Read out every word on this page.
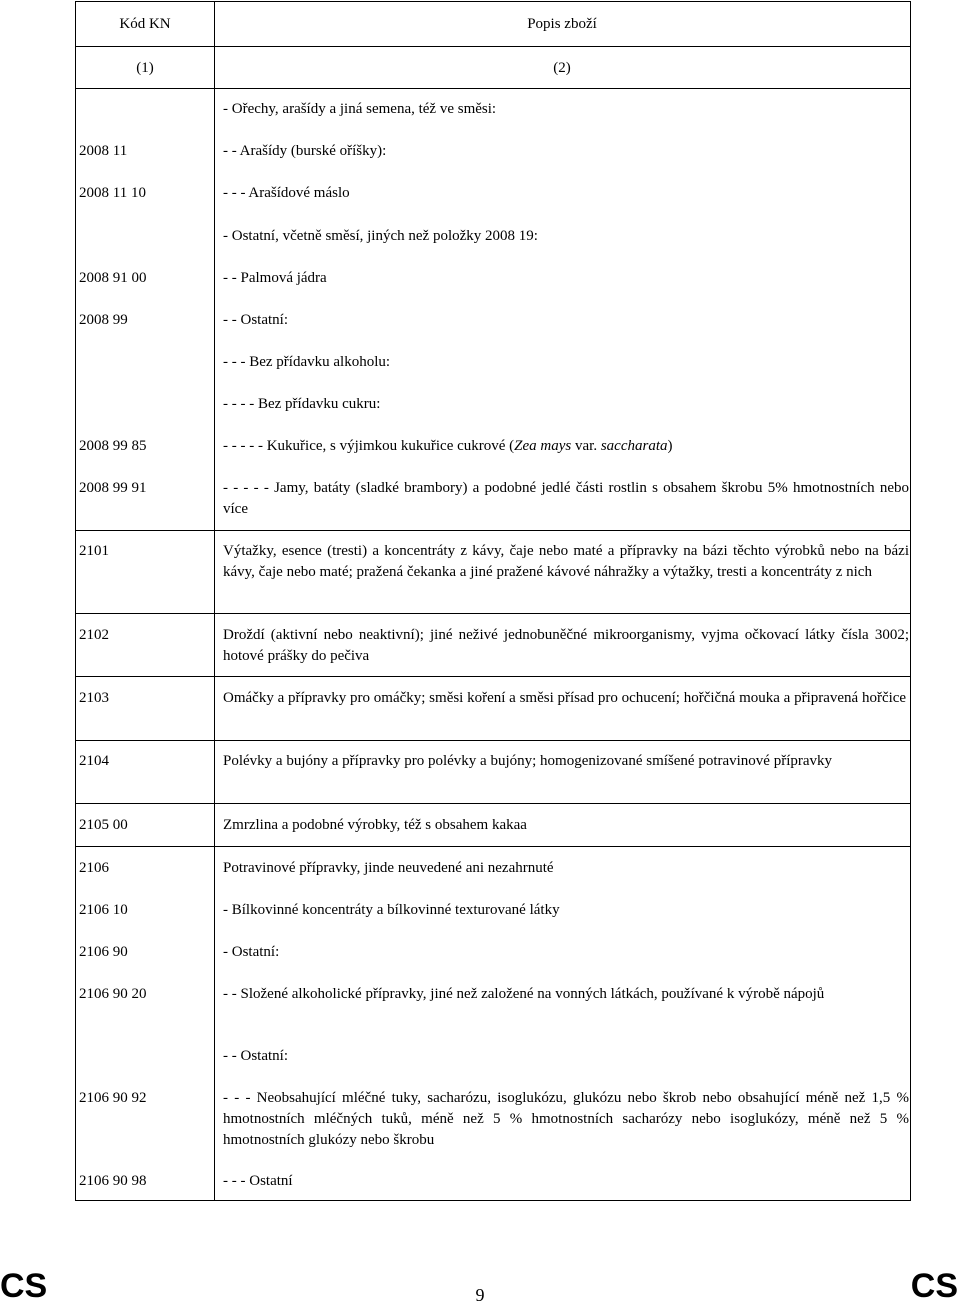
Kód KN	Popis zboží
(1)	(2)
- Ořechy, arašídy a jiná semena, též ve směsi:
2008 11	- - Arašídy (burské oříšky):
2008 11 10	- - - Arašídové máslo
- Ostatní, včetně směsí, jiných než položky 2008 19:
2008 91 00	- - Palmová jádra
2008 99	- - Ostatní:
- - - Bez přídavku alkoholu:
- - - - Bez přídavku cukru:
2008 99 85	- - - - - Kukuřice, s výjimkou kukuřice cukrové (Zea mays var. saccharata)
2008 99 91	- - - - - Jamy, batáty (sladké brambory) a podobné jedlé části rostlin s obsahem škrobu 5% hmotnostních nebo více
2101	Výtažky, esence (tresti) a koncentráty z kávy, čaje nebo maté a přípravky na bázi těchto výrobků nebo na bázi kávy, čaje nebo maté; pražená čekanka a jiné pražené kávové náhražky a výtažky, tresti a koncentráty z nich
2102	Droždí (aktivní nebo neaktivní); jiné neživé jednobuněčné mikroorganismy, vyjma očkovací látky čísla 3002; hotové prášky do pečiva
2103	Omáčky a přípravky pro omáčky; směsi koření a směsi přísad pro ochucení; hořčičná mouka a připravená hořčice
2104	Polévky a bujóny a přípravky pro polévky a bujóny; homogenizované smíšené potravinové přípravky
2105 00	Zmrzlina a podobné výrobky, též s obsahem kakaa
2106	Potravinové přípravky, jinde neuvedené ani nezahrnuté
2106 10	- Bílkovinné koncentráty a bílkovinné texturované látky
2106 90	- Ostatní:
2106 90 20	- - Složené alkoholické přípravky, jiné než založené na vonných látkách, používané k výrobě nápojů
- - Ostatní:
2106 90 92	- - - Neobsahující mléčné tuky, sacharózu, isoglukózu, glukózu nebo škrob nebo obsahující méně než 1,5 % hmotnostních mléčných tuků, méně než 5 % hmotnostních sacharózy nebo isoglukózy, méně než 5 % hmotnostních glukózy nebo škrobu
2106 90 98	- - - Ostatní
CS	9	CS
